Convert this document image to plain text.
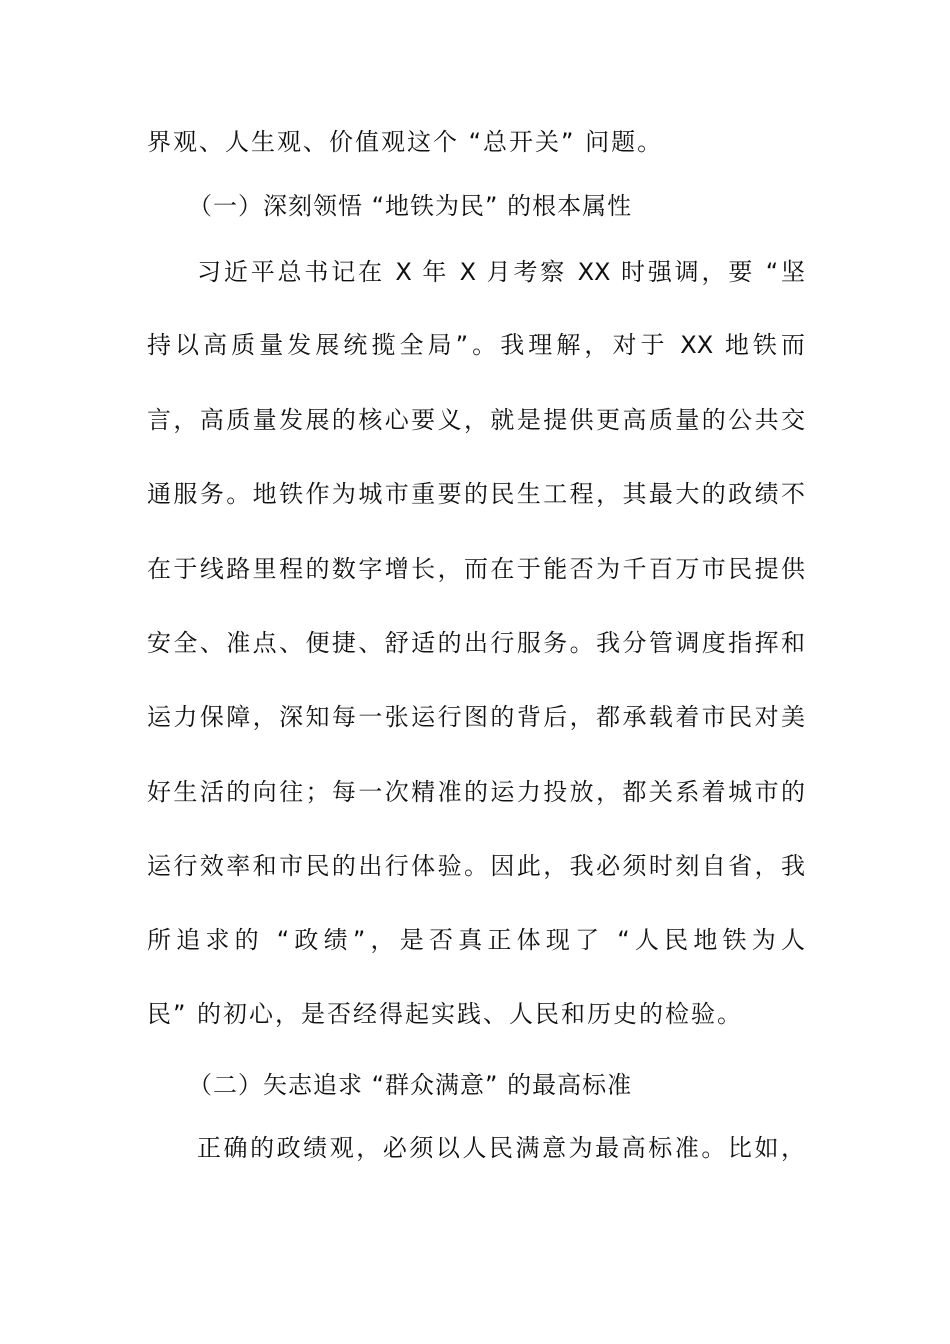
界观、人生观、价值观这个 “总开关” 问题。
（一）深刻领悟 “地铁为民” 的根本属性
习近平总书记在 X 年 X 月考察 XX 时强调，要 “坚
持以高质量发展统揽全局”。我理解，对于 XX 地铁而
言，高质量发展的核心要义，就是提供更高质量的公共交
通服务。地铁作为城市重要的民生工程，其最大的政绩不
在于线路里程的数字增长，而在于能否为千百万市民提供
安全、准点、便捷、舒适的出行服务。我分管调度指挥和
运力保障，深知每一张运行图的背后，都承载着市民对美
好生活的向往；每一次精准的运力投放，都关系着城市的
运行效率和市民的出行体验。因此，我必须时刻自省，我
所追求的 “政绩”，是否真正体现了 “人民地铁为人
民” 的初心，是否经得起实践、人民和历史的检验。
（二）矢志追求 “群众满意” 的最高标准
正确的政绩观，必须以人民满意为最高标准。比如，
